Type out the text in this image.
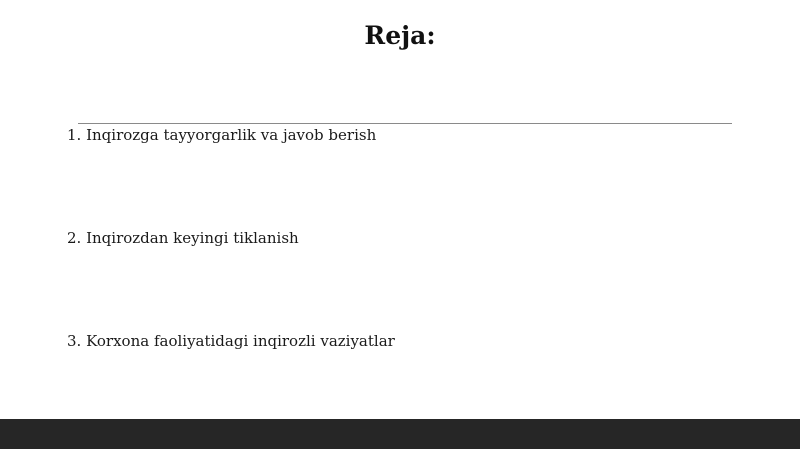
Reja:
1. Inqirozga tayyorgarlik va javob berish
2. Inqirozdan keyingi tiklanish
3. Korxona faoliyatidagi inqirozli vaziyatlar
